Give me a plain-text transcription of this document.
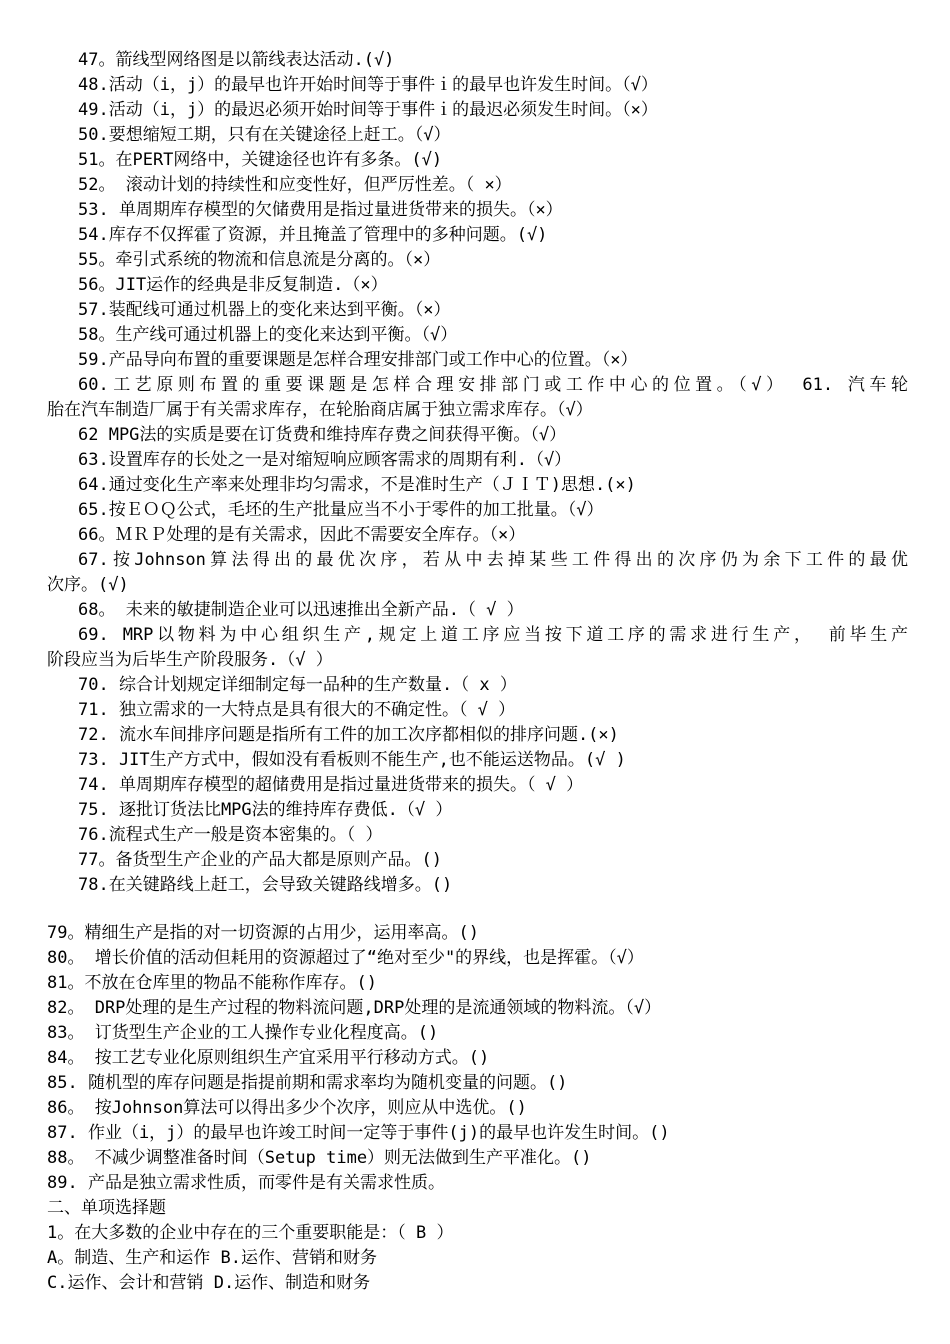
47。箭线型网络图是以箭线表达活动.(√)
48.活动（i，j）的最早也许开始时间等于事件ｉ的最早也许发生时间。（√）
49.活动（i，j）的最迟必须开始时间等于事件ｉ的最迟必须发生时间。（×）
50.要想缩短工期，只有在关键途径上赶工。（√）
51。在PERT网络中，关键途径也许有多条。(√)
52。 滚动计划的持续性和应变性好，但严厉性差。（ ×）
53. 单周期库存模型的欠储费用是指过量进货带来的损失。（×）
54.库存不仅挥霍了资源，并且掩盖了管理中的多种问题。(√)
55。牵引式系统的物流和信息流是分离的。（×）
56。JIT运作的经典是非反复制造.（×）
57.装配线可通过机器上的变化来达到平衡。（×）
58。生产线可通过机器上的变化来达到平衡。（√）
59.产品导向布置的重要课题是怎样合理安排部门或工作中心的位置。（×）
60.工艺原则布置的重要课题是怎样合理安排部门或工作中心的位置。（√） 61. 汽车轮
胎在汽车制造厂属于有关需求库存，在轮胎商店属于独立需求库存。（√）
62 MPG法的实质是要在订货费和维持库存费之间获得平衡。（√）
63.设置库存的长处之一是对缩短响应顾客需求的周期有利.（√）
64.通过变化生产率来处理非均匀需求，不是准时生产（ＪＩＴ)思想.(×)
65.按ＥＯＱ公式，毛坯的生产批量应当不小于零件的加工批量。（√）
66。ＭＲＰ处理的是有关需求，因此不需要安全库存。（×）
67.按Johnson算法得出的最优次序，若从中去掉某些工件得出的次序仍为余下工件的最优
次序。(√)
68。 未来的敏捷制造企业可以迅速推出全新产品.（ √ ）
69. MRP以物料为中心组织生产,规定上道工序应当按下道工序的需求进行生产， 前毕生产
阶段应当为后毕生产阶段服务.（√ ）
70. 综合计划规定详细制定每一品种的生产数量.（ x ）
71. 独立需求的一大特点是具有很大的不确定性。（ √ ）
72. 流水车间排序问题是指所有工件的加工次序都相似的排序问题.(×)
73. JIT生产方式中，假如没有看板则不能生产,也不能运送物品。(√ )
74. 单周期库存模型的超储费用是指过量进货带来的损失。（ √ ）
75. 逐批订货法比MPG法的维持库存费低.（√ ）
76.流程式生产一般是资本密集的。（ ）
77。备货型生产企业的产品大都是原则产品。()
78.在关键路线上赶工，会导致关键路线增多。()
79。精细生产是指的对一切资源的占用少，运用率高。()
80。 增长价值的活动但耗用的资源超过了“绝对至少"的界线，也是挥霍。（√）
81。不放在仓库里的物品不能称作库存。()
82。 DRP处理的是生产过程的物料流问题,DRP处理的是流通领域的物料流。（√）
83。 订货型生产企业的工人操作专业化程度高。()
84。 按工艺专业化原则组织生产宜采用平行移动方式。()
85. 随机型的库存问题是指提前期和需求率均为随机变量的问题。()
86。 按Johnson算法可以得出多少个次序，则应从中选优。()
87. 作业（i，j）的最早也许竣工时间一定等于事件(j)的最早也许发生时间。()
88。 不减少调整准备时间（Setup time）则无法做到生产平准化。()
89. 产品是独立需求性质，而零件是有关需求性质。
二、单项选择题
1。在大多数的企业中存在的三个重要职能是：（ B ）
A。制造、生产和运作 B.运作、营销和财务
C.运作、会计和营销 D.运作、制造和财务
